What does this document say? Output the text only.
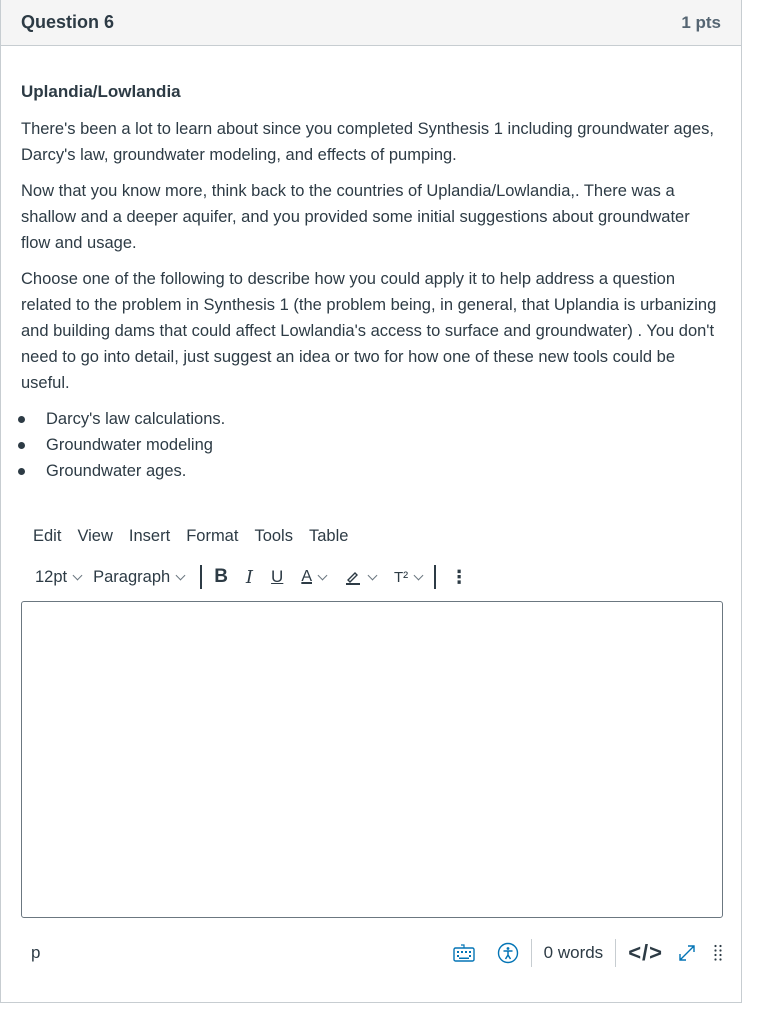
Question 6	1 pts
Uplandia/Lowlandia

There's been a lot to learn about since you completed Synthesis 1 including groundwater ages, Darcy's law, groundwater modeling, and effects of pumping.

Now that you know more, think back to the countries of Uplandia/Lowlandia,. There was a shallow and a deeper aquifer, and you provided some initial suggestions about groundwater flow and usage.

Choose one of the following to describe how you could apply it to help address a question related to the problem in Synthesis 1 (the problem being, in general, that Uplandia is urbanizing and building dams that could affect Lowlandia's access to surface and groundwater) . You don't need to go into detail, just suggest an idea or two for how one of these new tools could be useful.

Darcy's law calculations.
Groundwater modeling
Groundwater ages.
Edit View Insert Format Tools Table
12pt Paragraph B I U A	T² ⋮
p	0 words </>
